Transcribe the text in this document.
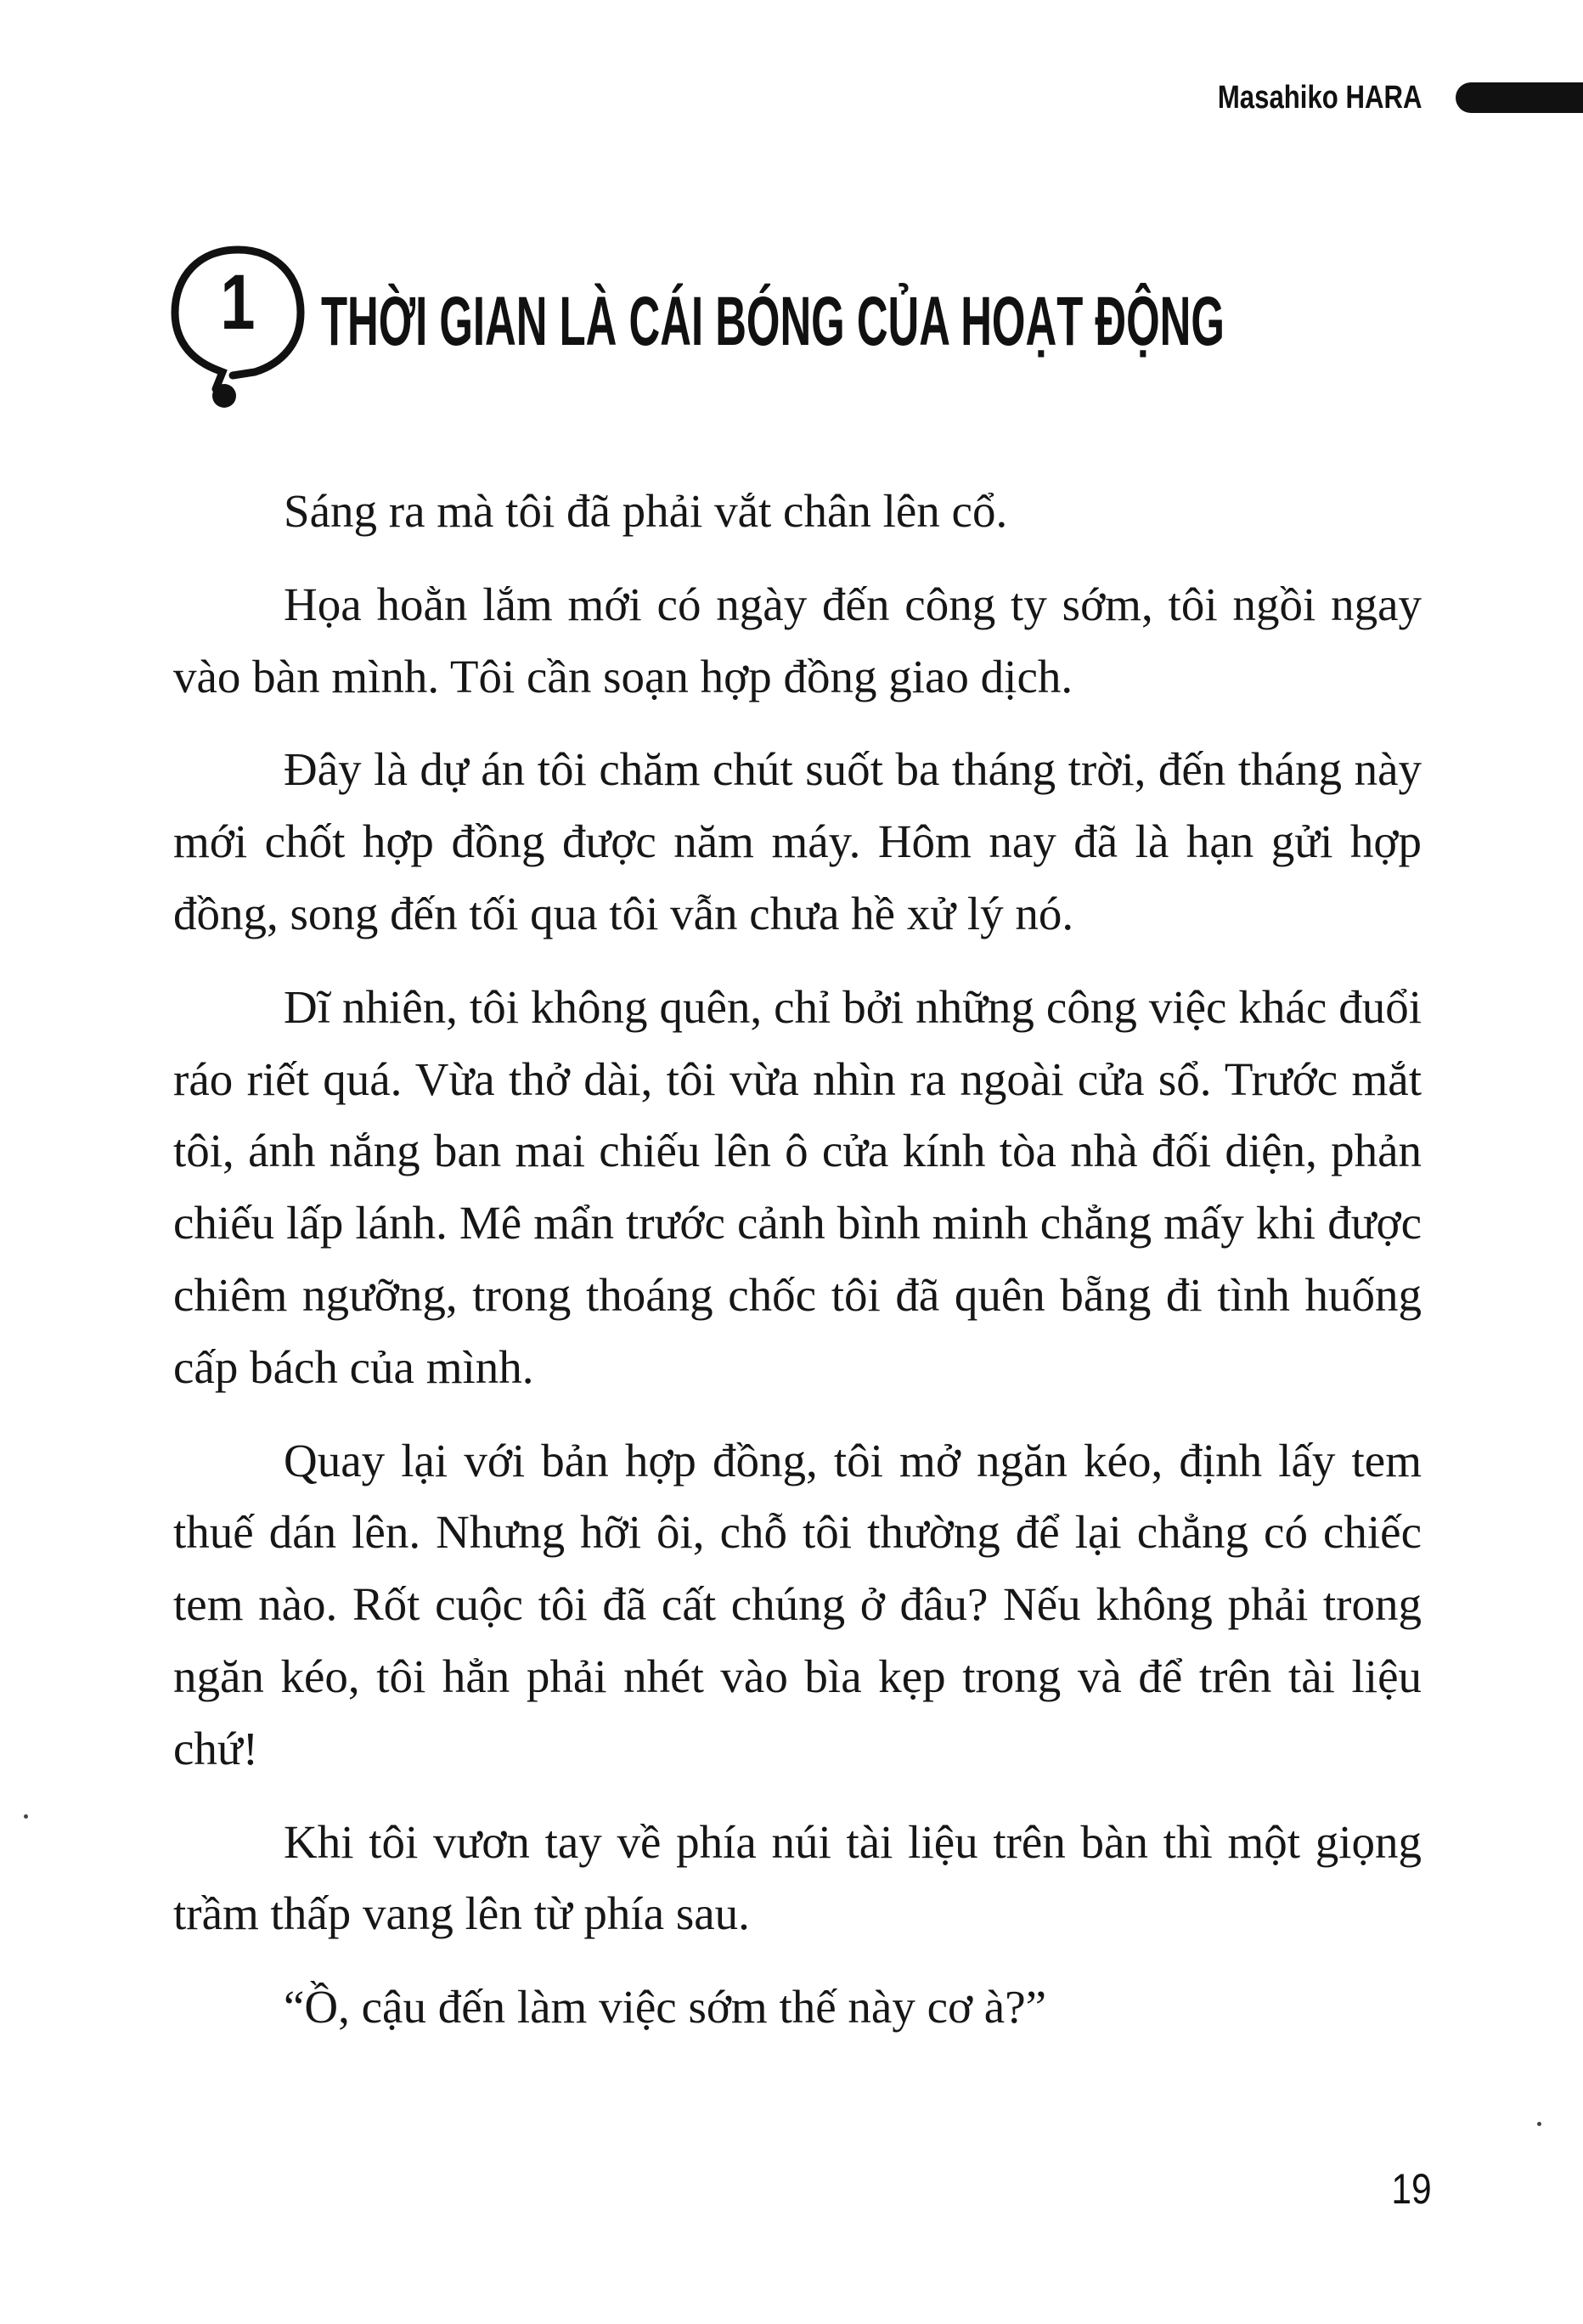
Masahiko HARA
1 THỜI GIAN LÀ CÁI BÓNG CỦA HOẠT ĐỘNG

Sáng ra mà tôi đã phải vắt chân lên cổ.

Họa hoằn lắm mới có ngày đến công ty sớm, tôi ngồi ngay vào bàn mình. Tôi cần soạn hợp đồng giao dịch.

Đây là dự án tôi chăm chút suốt ba tháng trời, đến tháng này mới chốt hợp đồng được năm máy. Hôm nay đã là hạn gửi hợp đồng, song đến tối qua tôi vẫn chưa hề xử lý nó.

Dĩ nhiên, tôi không quên, chỉ bởi những công việc khác đuổi ráo riết quá. Vừa thở dài, tôi vừa nhìn ra ngoài cửa sổ. Trước mắt tôi, ánh nắng ban mai chiếu lên ô cửa kính tòa nhà đối diện, phản chiếu lấp lánh. Mê mẩn trước cảnh bình minh chẳng mấy khi được chiêm ngưỡng, trong thoáng chốc tôi đã quên bẵng đi tình huống cấp bách của mình.

Quay lại với bản hợp đồng, tôi mở ngăn kéo, định lấy tem thuế dán lên. Nhưng hỡi ôi, chỗ tôi thường để lại chẳng có chiếc tem nào. Rốt cuộc tôi đã cất chúng ở đâu? Nếu không phải trong ngăn kéo, tôi hẳn phải nhét vào bìa kẹp trong và để trên tài liệu chứ!

Khi tôi vươn tay về phía núi tài liệu trên bàn thì một giọng trầm thấp vang lên từ phía sau.

“Ồ, cậu đến làm việc sớm thế này cơ à?”

19
